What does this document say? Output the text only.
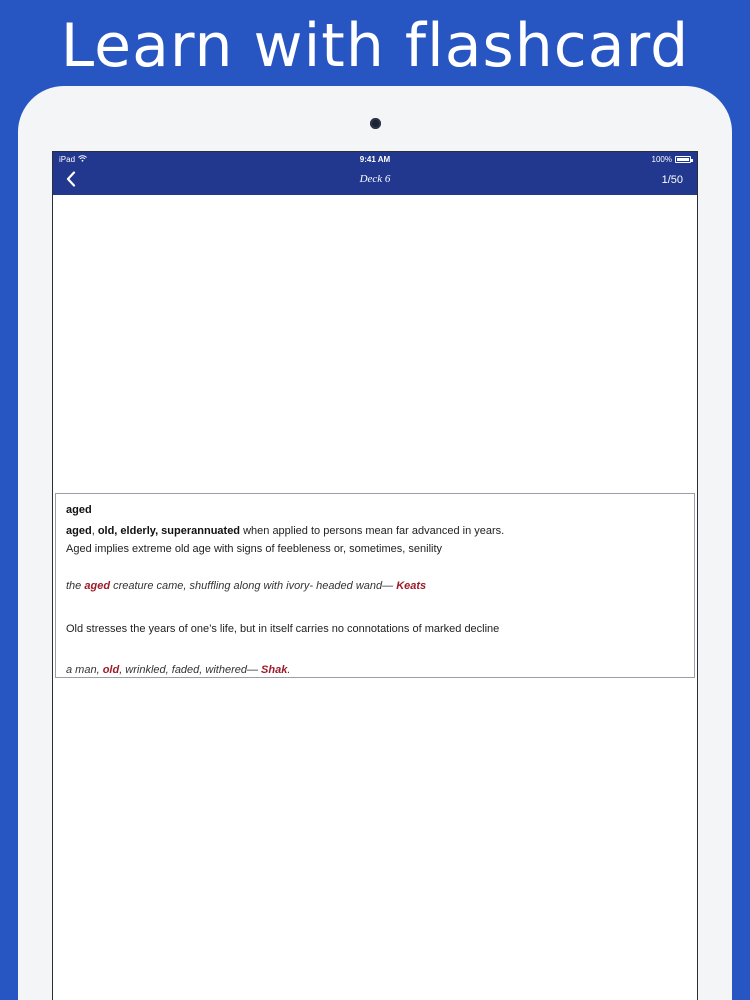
Learn with flashcard
iPad	9:41 AM	100%
Deck 6	1/50
aged
aged, old, elderly, superannuated when applied to persons mean far advanced in years.
Aged implies extreme old age with signs of feebleness or, sometimes, senility
the aged creature came, shuffling along with ivory- headed wand— Keats
Old stresses the years of one’s life, but in itself carries no connotations of marked decline
a man, old, wrinkled, faded, withered— Shak.
